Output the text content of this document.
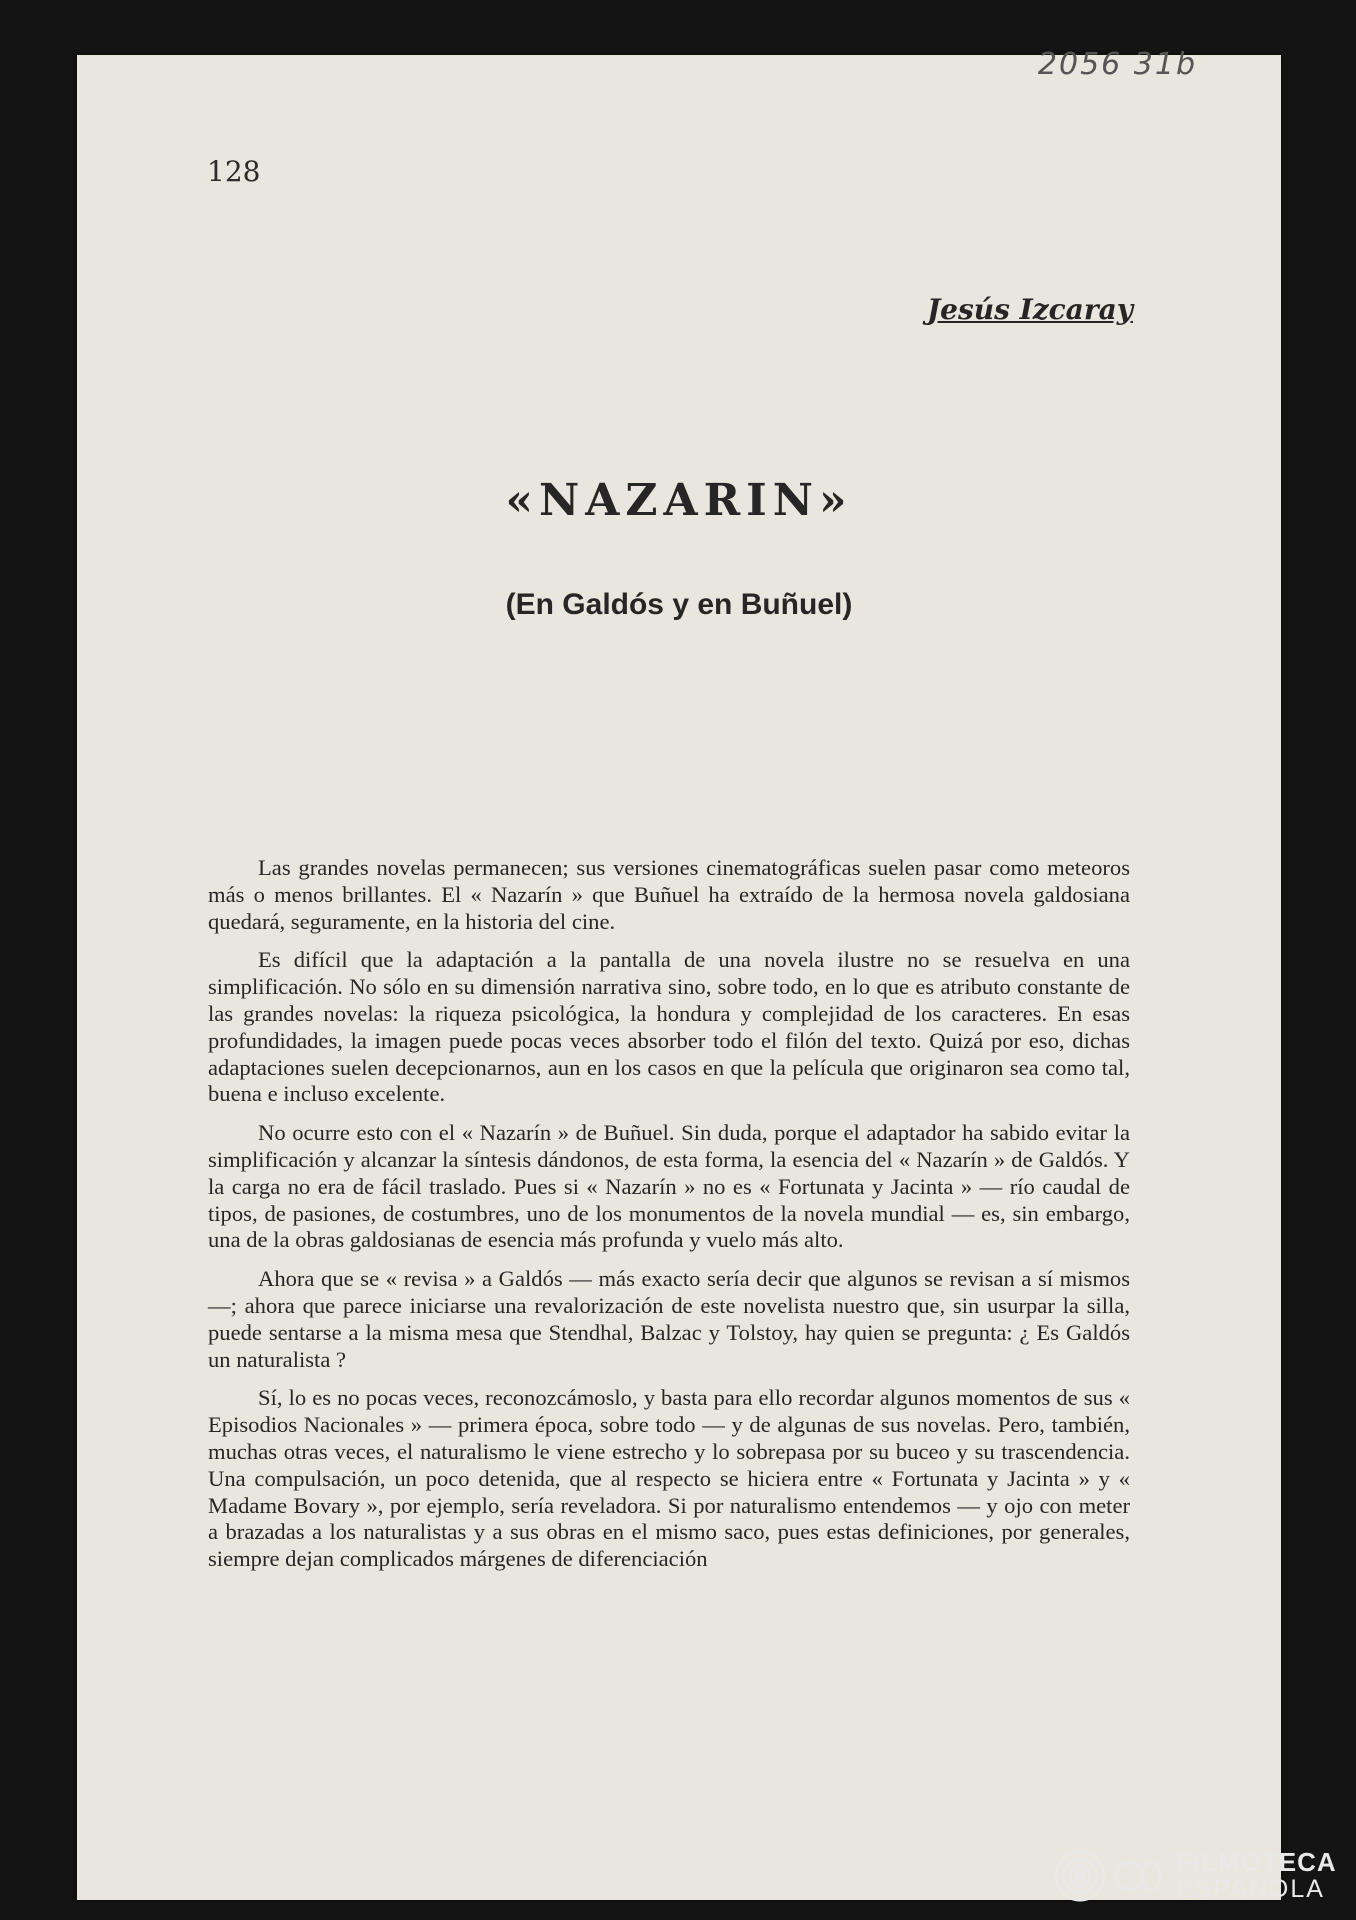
2056 31b
128
Jesús Izcaray
«NAZARIN»
(En Galdós y en Buñuel)

Las grandes novelas permanecen; sus versiones cinematográficas suelen pasar como meteoros más o menos brillantes. El « Nazarín » que Buñuel ha extraído de la hermosa novela galdosiana quedará, seguramente, en la historia del cine.

Es difícil que la adaptación a la pantalla de una novela ilustre no se resuelva en una simplificación. No sólo en su dimensión narrativa sino, sobre todo, en lo que es atributo constante de las grandes novelas: la riqueza psicológica, la hondura y complejidad de los caracteres. En esas profundidades, la imagen puede pocas veces absorber todo el filón del texto. Quizá por eso, dichas adaptaciones suelen decepcionarnos, aun en los casos en que la película que originaron sea como tal, buena e incluso excelente.

No ocurre esto con el « Nazarín » de Buñuel. Sin duda, porque el adaptador ha sabido evitar la simplificación y alcanzar la síntesis dándonos, de esta forma, la esencia del « Nazarín » de Galdós. Y la carga no era de fácil traslado. Pues si « Nazarín » no es « Fortunata y Jacinta » — río caudal de tipos, de pasiones, de costumbres, uno de los monumentos de la novela mundial — es, sin embargo, una de la obras galdosianas de esencia más profunda y vuelo más alto.

Ahora que se « revisa » a Galdós — más exacto sería decir que algunos se revisan a sí mismos —; ahora que parece iniciarse una revalorización de este novelista nuestro que, sin usurpar la silla, puede sentarse a la misma mesa que Stendhal, Balzac y Tolstoy, hay quien se pregunta: ¿ Es Galdós un naturalista ?

Sí, lo es no pocas veces, reconozcámoslo, y basta para ello recordar algunos momentos de sus « Episodios Nacionales » — primera época, sobre todo — y de algunas de sus novelas. Pero, también, muchas otras veces, el naturalismo le viene estrecho y lo sobrepasa por su buceo y su trascendencia. Una compulsación, un poco detenida, que al respecto se hiciera entre « Fortunata y Jacinta » y « Madame Bovary », por ejemplo, sería reveladora. Si por naturalismo entendemos — y ojo con meter a brazadas a los naturalistas y a sus obras en el mismo saco, pues estas definiciones, por generales, siempre dejan complicados márgenes de diferenciación

FILMOTECA
ESPAÑOLA
